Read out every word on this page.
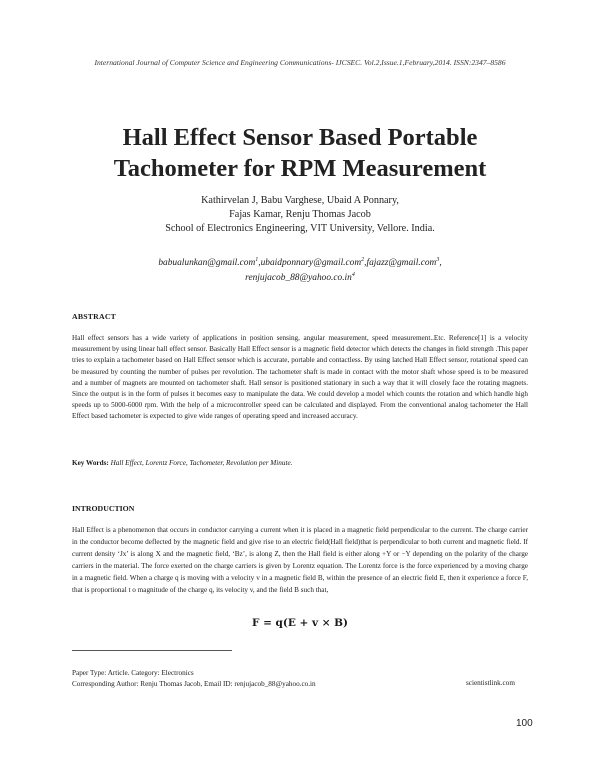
International Journal of Computer Science and Engineering Communications- IJCSEC. Vol.2,Issue.1,February,2014. ISSN:2347–8586
Hall Effect Sensor Based Portable
Tachometer for RPM Measurement
Kathirvelan J, Babu Varghese, Ubaid A Ponnary,
Fajas Kamar, Renju Thomas Jacob
School of Electronics Engineering, VIT University, Vellore. India.
babualunkan@gmail.com$^1$,ubaidponnary@gmail.com$^2$,fajazz@gmail.com$^3$,
$renjujacob\_88@yahoo.co.in^4$
ABSTRACT
Hall effect sensors has a wide variety of applications in position sensing, angular measurement, speed measurement..Etc. Reference[1] is a velocity measurement by using linear hall effect sensor. Basically Hall Effect sensor is a magnetic field detector which detects the changes in field strength .This paper tries to explain a tachometer based on Hall Effect sensor which is accurate, portable and contactless. By using latched Hall Effect sensor, rotational speed can be measured by counting the number of pulses per revolution. The tachometer shaft is made in contact with the motor shaft whose speed is to be measured and a number of magnets are mounted on tachometer shaft. Hall sensor is positioned stationary in such a way that it will closely face the rotating magnets. Since the output is in the form of pulses it becomes easy to manipulate the data. We could develop a model which counts the rotation and which handle high speeds up to 5000-6000 rpm. With the help of a microcontroller speed can be calculated and displayed. From the conventional analog tachometer the Hall Effect based tachometer is expected to give wide ranges of operating speed and increased accuracy.
Key Words: Hall Effect, Lorentz Force, Tachometer, Revolution per Minute.
INTRODUCTION
Hall Effect is a phenomenon that occurs in conductor carrying a current when it is placed in a magnetic field perpendicular to the current. The charge carrier in the conductor become deflected by the magnetic field and give rise to an electric field(Hall field)that is perpendicular to both current and magnetic field. If current density ‘Jx’ is along X and the magnetic field, ‘Bz’, is along Z, then the Hall field is either along +Y or −Y depending on the polarity of the charge carriers in the material. The force exerted on the charge carriers is given by Lorentz equation. The Lorentz force is the force experienced by a moving charge in a magnetic field. When a charge q is moving with a velocity v in a magnetic field B, within the presence of an electric field E, then it experience a force F, that is proportional t o magnitude of the charge q, its velocity v, and the field B such that,
F = q(E + v × B)
Paper Type: Article. Category: Electronics
Corresponding Author: Renju Thomas Jacob, Email ID: renjujacob_88@yahoo.co.in	scientistlink.com
100
